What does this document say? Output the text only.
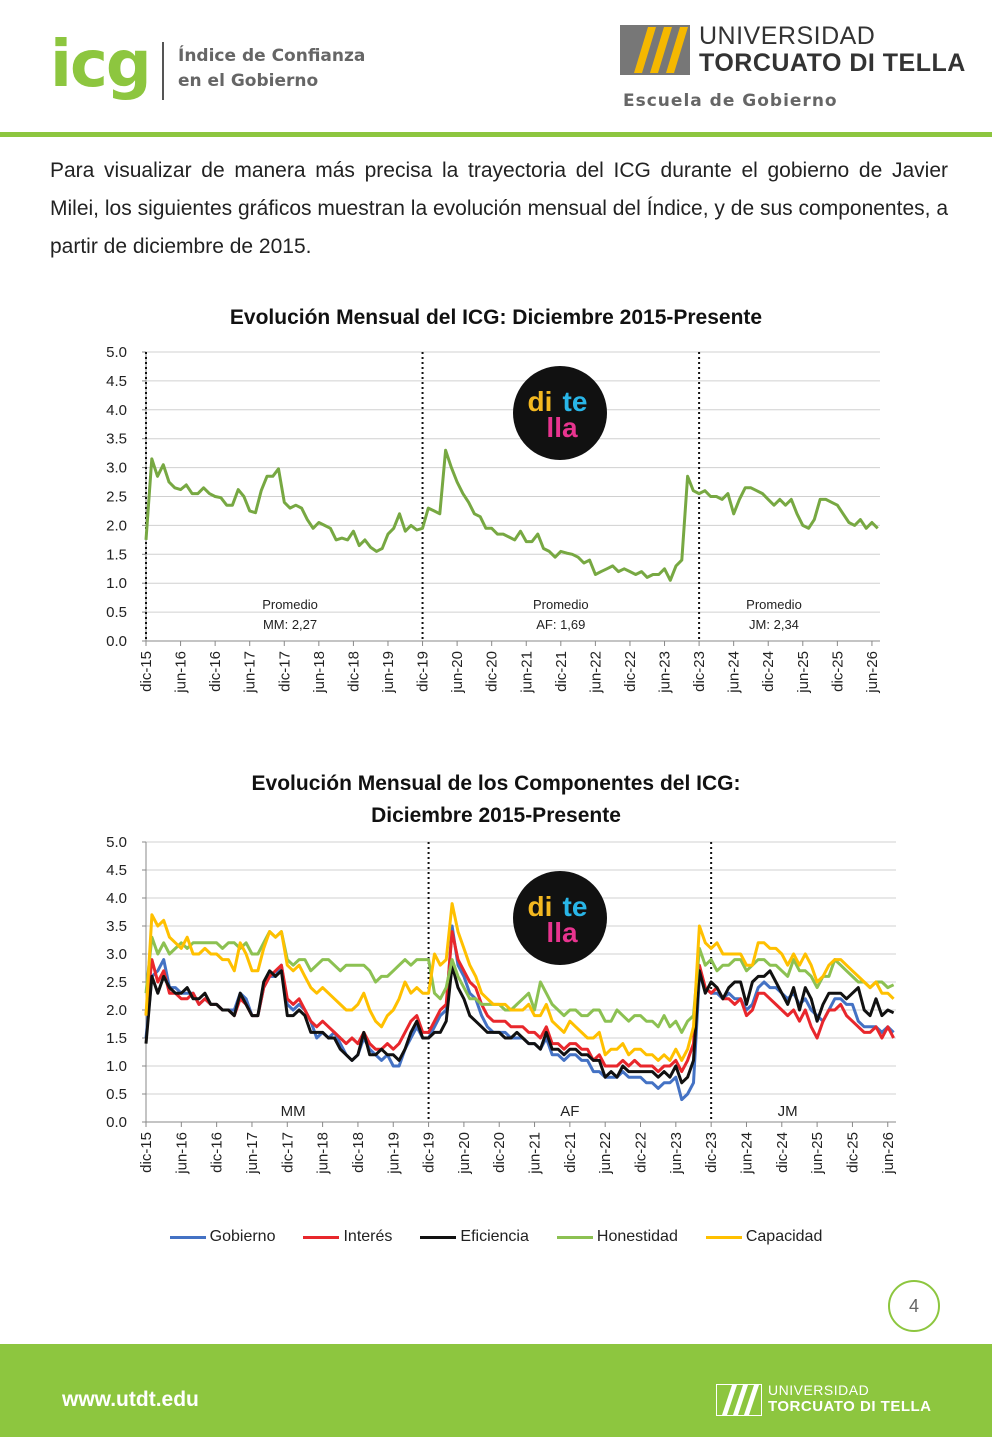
icg Índice de Confianza
en el Gobierno
UNIVERSIDAD
TORCUATO DI TELLA
Escuela de Gobierno

Para visualizar de manera más precisa la trayectoria del ICG durante el gobierno de Javier Milei, los siguientes gráficos muestran la evolución mensual del Índice, y de sus componentes, a partir de diciembre de 2015.

Evolución Mensual del ICG: Diciembre 2015-Presente
0.0
0.5
1.0
1.5
2.0
2.5
3.0
3.5
4.0
4.5
5.0
dic-15 jun-16 dic-16 jun-17 dic-17 jun-18 dic-18 jun-19 dic-19 jun-20 dic-20 jun-21 dic-21 jun-22 dic-22 jun-23 dic-23 jun-24 dic-24 jun-25 dic-25 jun-26
Promedio
MM: 2,27
Promedio
AF: 1,69
Promedio
JM: 2,34
di te
lla
Evolución Mensual de los Componentes del ICG:
Diciembre 2015-Presente
0.0
0.5
1.0
1.5
2.0
2.5
3.0
3.5
4.0
4.5
5.0
dic-15 jun-16 dic-16 jun-17 dic-17 jun-18 dic-18 jun-19 dic-19 jun-20 dic-20 jun-21 dic-21 jun-22 dic-22 jun-23 dic-23 jun-24 dic-24 jun-25 dic-25 jun-26
MM	AF	JM
di te
lla
Gobierno	Interés	Eficiencia	Honestidad	Capacidad
4
www.utdt.edu	UNIVERSIDAD
TORCUATO DI TELLA
